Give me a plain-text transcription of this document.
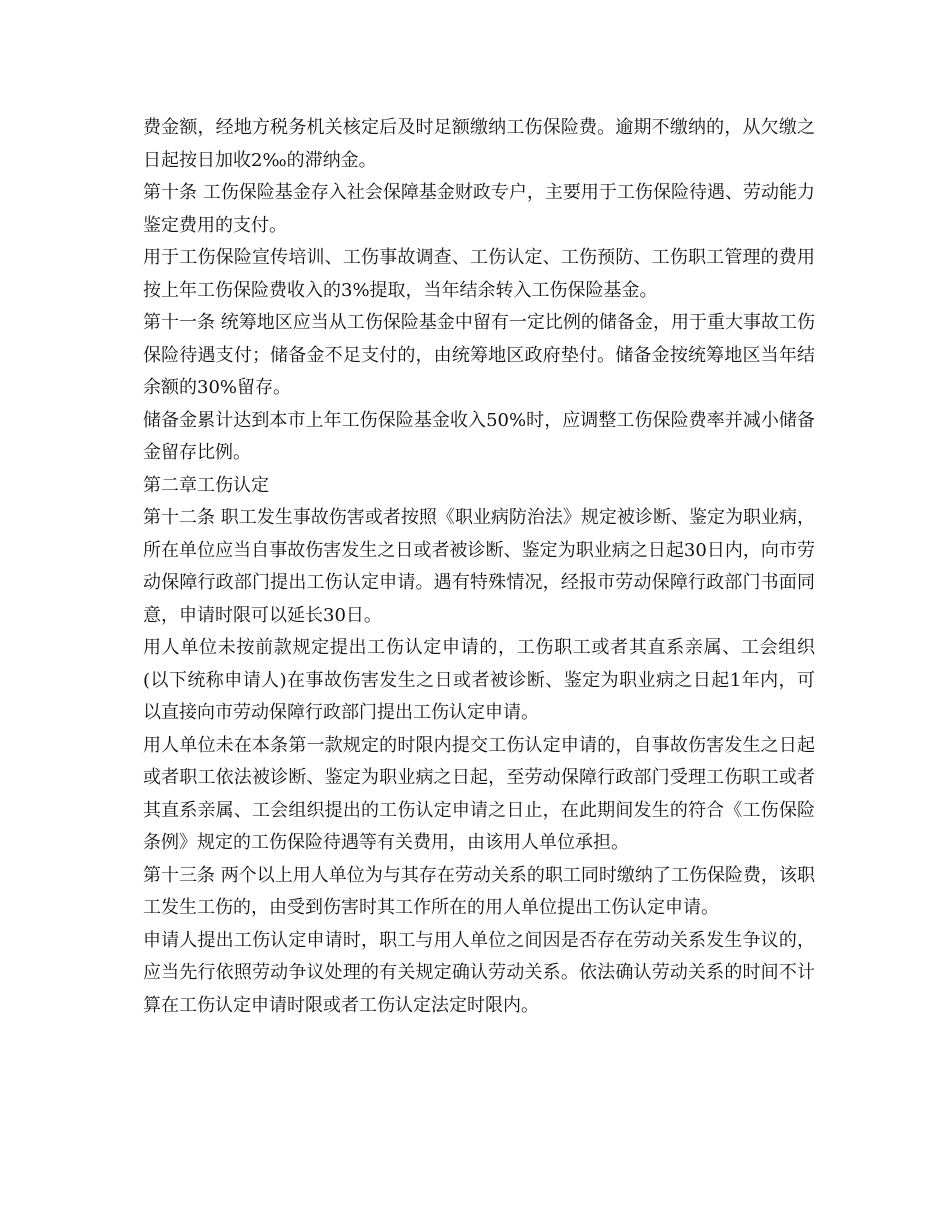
费金额，经地方税务机关核定后及时足额缴纳工伤保险费。逾期不缴纳的，从欠缴之日起按日加收2‰的滞纳金。

第十条 工伤保险基金存入社会保障基金财政专户，主要用于工伤保险待遇、劳动能力鉴定费用的支付。

用于工伤保险宣传培训、工伤事故调查、工伤认定、工伤预防、工伤职工管理的费用按上年工伤保险费收入的3%提取，当年结余转入工伤保险基金。

第十一条 统筹地区应当从工伤保险基金中留有一定比例的储备金，用于重大事故工伤保险待遇支付；储备金不足支付的，由统筹地区政府垫付。储备金按统筹地区当年结余额的30%留存。

储备金累计达到本市上年工伤保险基金收入50%时，应调整工伤保险费率并减小储备金留存比例。

第二章工伤认定

第十二条 职工发生事故伤害或者按照《职业病防治法》规定被诊断、鉴定为职业病，所在单位应当自事故伤害发生之日或者被诊断、鉴定为职业病之日起30日内，向市劳动保障行政部门提出工伤认定申请。遇有特殊情况，经报市劳动保障行政部门书面同意，申请时限可以延长30日。

用人单位未按前款规定提出工伤认定申请的，工伤职工或者其直系亲属、工会组织(以下统称申请人)在事故伤害发生之日或者被诊断、鉴定为职业病之日起1年内，可以直接向市劳动保障行政部门提出工伤认定申请。

用人单位未在本条第一款规定的时限内提交工伤认定申请的，自事故伤害发生之日起或者职工依法被诊断、鉴定为职业病之日起，至劳动保障行政部门受理工伤职工或者其直系亲属、工会组织提出的工伤认定申请之日止，在此期间发生的符合《工伤保险条例》规定的工伤保险待遇等有关费用，由该用人单位承担。

第十三条 两个以上用人单位为与其存在劳动关系的职工同时缴纳了工伤保险费，该职工发生工伤的，由受到伤害时其工作所在的用人单位提出工伤认定申请。

申请人提出工伤认定申请时，职工与用人单位之间因是否存在劳动关系发生争议的，应当先行依照劳动争议处理的有关规定确认劳动关系。依法确认劳动关系的时间不计算在工伤认定申请时限或者工伤认定法定时限内。
